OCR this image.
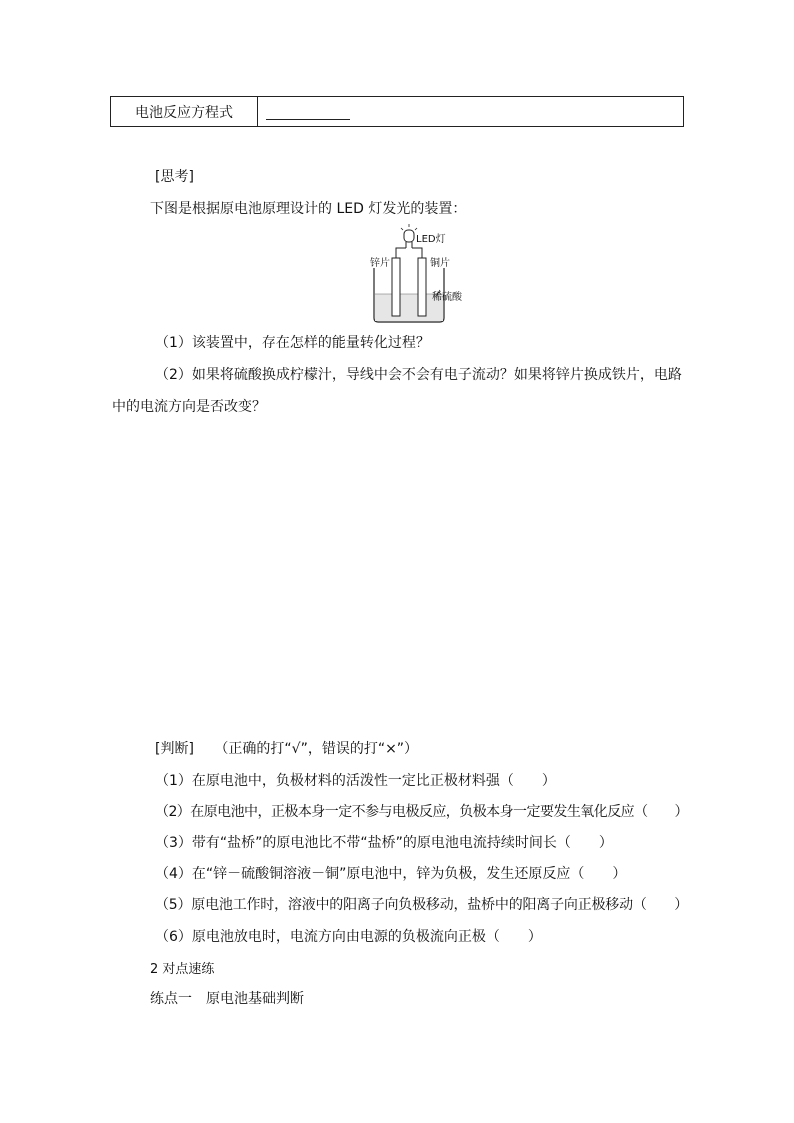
电池反应方程式
[思考]
下图是根据原电池原理设计的 LED 灯发光的装置：
LED灯
锌片	铜片
稀硫酸
（1）该装置中，存在怎样的能量转化过程？
（2）如果将硫酸换成柠檬汁，导线中会不会有电子流动？如果将锌片换成铁片，电路
中的电流方向是否改变？
[判断] （正确的打“√”，错误的打“×”）
（1）在原电池中，负极材料的活泼性一定比正极材料强（　　）
（2）在原电池中，正极本身一定不参与电极反应，负极本身一定要发生氧化反应（　　）
（3）带有“盐桥”的原电池比不带“盐桥”的原电池电流持续时间长（　　）
（4）在“锌－硫酸铜溶液－铜”原电池中，锌为负极，发生还原反应（　　）
（5）原电池工作时，溶液中的阳离子向负极移动，盐桥中的阳离子向正极移动（　　）
（6）原电池放电时，电流方向由电源的负极流向正极（　　）
2 对点速练
练点一　原电池基础判断
